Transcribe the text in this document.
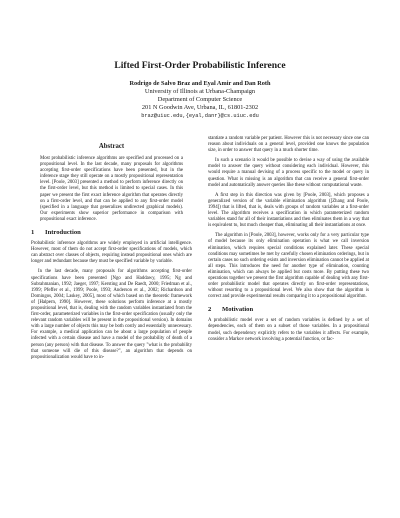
Lifted First-Order Probabilistic Inference
Rodrigo de Salvo Braz and Eyal Amir and Dan Roth
University of Illinois at Urbana-Champaign
Department of Computer Science
201 N Goodwin Ave, Urbana, IL, 61801-2302
braz@uiuc.edu,{eyal,danr}@cs.uiuc.edu
Abstract

Most probabilistic inference algorithms are specified and processed on a propositional level. In the last decade, many proposals for algorithms accepting first-order specifications have been presented, but in the inference stage they still operate on a mostly propositional representation level. [Poole, 2003] presented a method to perform inference directly on the first-order level, but this method is limited to special cases. In this paper we present the first exact inference algorithm that operates directly on a first-order level, and that can be applied to any first-order model (specified in a language that generalizes undirected graphical models). Our experiments show superior performance in comparison with propositional exact inference.

1 Introduction

Probabilistic inference algorithms are widely employed in artificial intelligence. However, most of them do not accept first-order specifications of models, which can abstract over classes of objects, requiring instead propositional ones which are longer and redundant because they must be specified variable by variable.

In the last decade, many proposals for algorithms accepting first-order specifications have been presented [Ngo and Haddawy, 1995; Ng and Subrahmanian, 1992; Jaeger, 1997; Kersting and De Raedt, 2000; Friedman et al., 1999; Pfeffer et al., 1999; Poole, 1993; Anderson et al., 2002; Richardson and Domingos, 2004; Laskey, 2005], most of which based on the theoretic framework of [Halpern, 1990]. However, these solutions perform inference at a mostly propositional level, that is, dealing with the random variables instantiated from the first-order, parameterized variables in the first-order specification (usually only the relevant random variables will be present in the propositional version). In domains with a large number of objects this may be both costly and essentially unnecessary. For example, a medical application can be about a large population of people infected with a certain disease and have a model of the probability of death of a person (any person) with that disease. To answer the query "what is the probability that someone will die of this disease?", an algorithm that depends on propositionalization would have to in-

stantiate a random variable per patient. However this is not necessary since one can reason about individuals on a general level, provided one knows the population size, in order to answer that query in a much shorter time.

In such a scenario it would be possible to devise a way of using the available model to answer the query without considering each individual. However, this would require a manual devising of a process specific to the model or query in question. What is missing is an algorithm that can receive a general first-order model and automatically answer queries like these without computational waste.

A first step in this direction was given by [Poole, 2003], which proposes a generalized version of the variable elimination algorithm ([Zhang and Poole, 1994]) that is lifted, that is, deals with groups of random variables at a first-order level. The algorithm receives a specification in which parameterized random variables stand for all of their instantiations and then eliminates them in a way that is equivalent to, but much cheaper than, eliminating all their instantiations at once.

The algorithm in [Poole, 2003], however, works only for a very particular type of model because its only elimination operation is what we call inversion elimination, which requires special conditions explained later. These special conditions may sometimes be met by carefully chosen elimination orderings, but in certain cases no such ordering exists and inversion elimination cannot be applied at all steps. This introduces the need for another type of elimination, counting elimination, which can always be applied but costs more. By putting these two operations together we present the first algorithm capable of dealing with any first-order probabilistic model that operates directly on first-order representations, without resorting to a propositional level. We also show that the algorithm is correct and provide experimental results comparing it to a propositional algorithm.

2 Motivation

A probabilistic model over a set of random variables is defined by a set of dependencies, each of them on a subset of those variables. In a propositional model, such dependency explicitly refers to the variables it affects. For example, consider a Markov network involving a potential function, or fac-
